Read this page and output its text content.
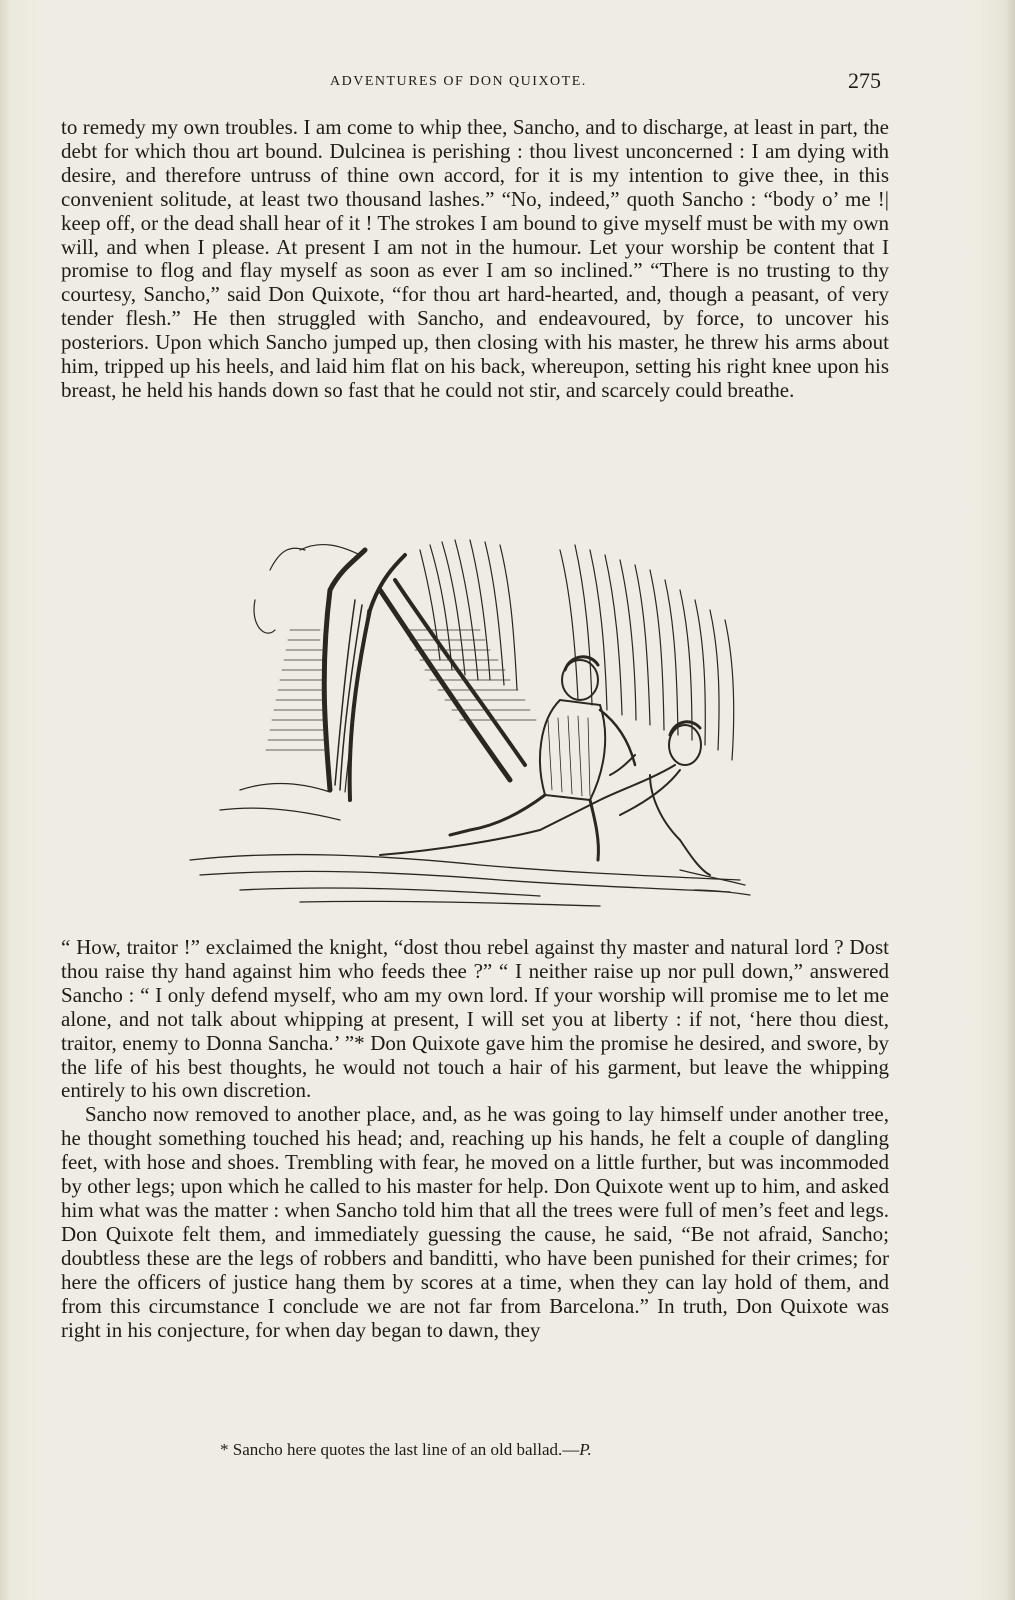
ADVENTURES OF DON QUIXOTE.	275

to remedy my own troubles. I am come to whip thee, Sancho, and to discharge, at least in part, the debt for which thou art bound. Dulcinea is perishing : thou livest unconcerned : I am dying with desire, and therefore untruss of thine own accord, for it is my intention to give thee, in this convenient solitude, at least two thousand lashes.” “No, indeed,” quoth Sancho : “body o’ me !| keep off, or the dead shall hear of it ! The strokes I am bound to give myself must be with my own will, and when I please. At present I am not in the humour. Let your worship be content that I promise to flog and flay myself as soon as ever I am so inclined.” “There is no trusting to thy courtesy, Sancho,” said Don Quixote, “for thou art hard-hearted, and, though a peasant, of very tender flesh.” He then struggled with Sancho, and endeavoured, by force, to uncover his posteriors. Upon which Sancho jumped up, then closing with his master, he threw his arms about him, tripped up his heels, and laid him flat on his back, whereupon, setting his right knee upon his breast, he held his hands down so fast that he could not stir, and scarcely could breathe.

“ How, traitor !” exclaimed the knight, “dost thou rebel against thy master and natural lord ? Dost thou raise thy hand against him who feeds thee ?” “ I neither raise up nor pull down,” answered Sancho : “ I only defend myself, who am my own lord. If your worship will promise me to let me alone, and not talk about whipping at present, I will set you at liberty : if not, ‘here thou diest, traitor, enemy to Donna Sancha.’ ”* Don Quixote gave him the promise he desired, and swore, by the life of his best thoughts, he would not touch a hair of his garment, but leave the whipping entirely to his own discretion.

Sancho now removed to another place, and, as he was going to lay himself under another tree, he thought something touched his head; and, reaching up his hands, he felt a couple of dangling feet, with hose and shoes. Trembling with fear, he moved on a little further, but was incommoded by other legs; upon which he called to his master for help. Don Quixote went up to him, and asked him what was the matter : when Sancho told him that all the trees were full of men’s feet and legs. Don Quixote felt them, and immediately guessing the cause, he said, “Be not afraid, Sancho; doubtless these are the legs of robbers and banditti, who have been punished for their crimes; for here the officers of justice hang them by scores at a time, when they can lay hold of them, and from this circumstance I conclude we are not far from Barcelona.” In truth, Don Quixote was right in his conjecture, for when day began to dawn, they

* Sancho here quotes the last line of an old ballad.—P.
